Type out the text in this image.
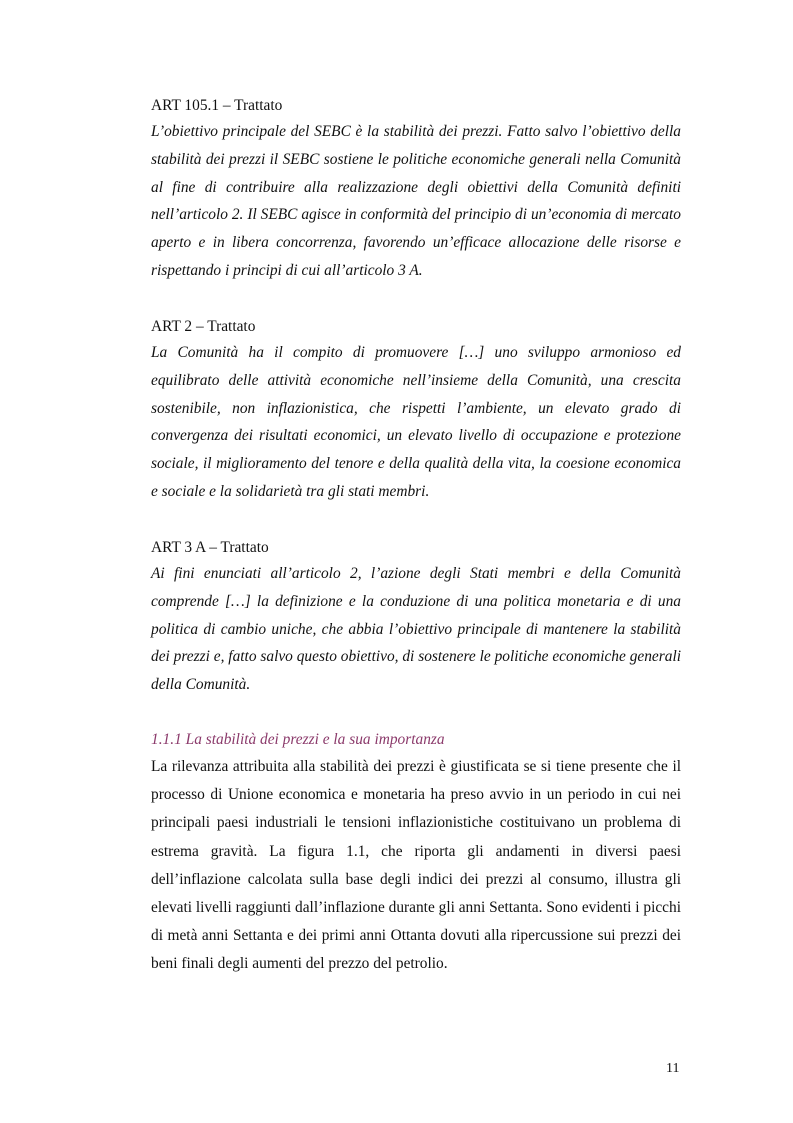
ART 105.1 – Trattato

L’obiettivo principale del SEBC è la stabilità dei prezzi. Fatto salvo l’obiettivo della stabilità dei prezzi il SEBC sostiene le politiche economiche generali nella Comunità al fine di contribuire alla realizzazione degli obiettivi della Comunità definiti nell’articolo 2. Il SEBC agisce in conformità del principio di un’economia di mercato aperto e in libera concorrenza, favorendo un’efficace allocazione delle risorse e rispettando i principi di cui all’articolo 3 A.

ART 2 – Trattato

La Comunità ha il compito di promuovere […] uno sviluppo armonioso ed equilibrato delle attività economiche nell’insieme della Comunità, una crescita sostenibile, non inflazionistica, che rispetti l’ambiente, un elevato grado di convergenza dei risultati economici, un elevato livello di occupazione e protezione sociale, il miglioramento del tenore e della qualità della vita, la coesione economica e sociale e la solidarietà tra gli stati membri.

ART 3 A – Trattato

Ai fini enunciati all’articolo 2, l’azione degli Stati membri e della Comunità comprende […] la definizione e la conduzione di una politica monetaria e di una politica di cambio uniche, che abbia l’obiettivo principale di mantenere la stabilità dei prezzi e, fatto salvo questo obiettivo, di sostenere le politiche economiche generali della Comunità.

1.1.1 La stabilità dei prezzi e la sua importanza

La rilevanza attribuita alla stabilità dei prezzi è giustificata se si tiene presente che il processo di Unione economica e monetaria ha preso avvio in un periodo in cui nei principali paesi industriali le tensioni inflazionistiche costituivano un problema di estrema gravità. La figura 1.1, che riporta gli andamenti in diversi paesi dell’inflazione calcolata sulla base degli indici dei prezzi al consumo, illustra gli elevati livelli raggiunti dall’inflazione durante gli anni Settanta. Sono evidenti i picchi di metà anni Settanta e dei primi anni Ottanta dovuti alla ripercussione sui prezzi dei beni finali degli aumenti del prezzo del petrolio.

11
